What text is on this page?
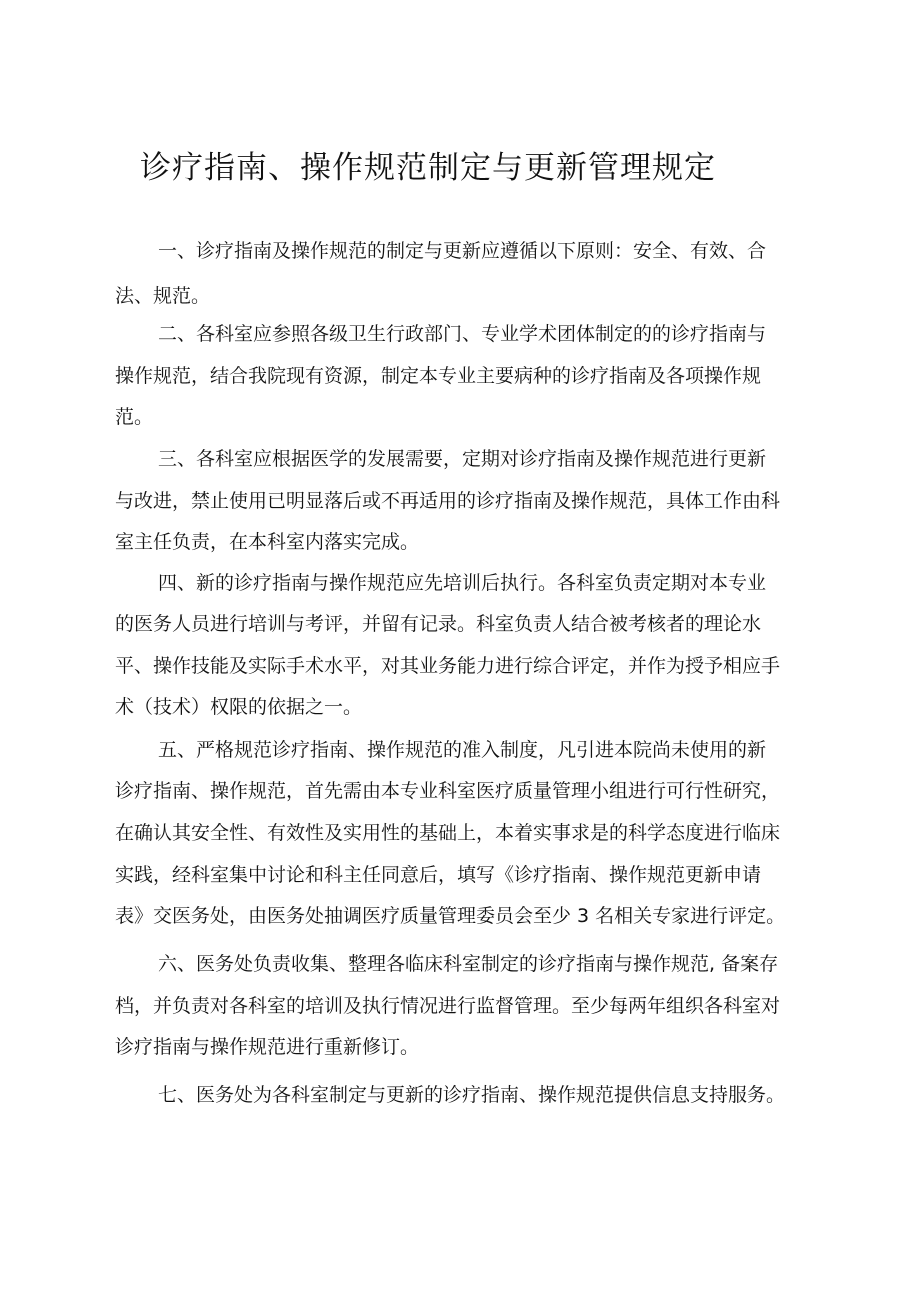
诊疗指南、操作规范制定与更新管理规定

一、诊疗指南及操作规范的制定与更新应遵循以下原则：安全、有效、合

法、规范。

二、各科室应参照各级卫生行政部门、专业学术团体制定的的诊疗指南与

操作规范，结合我院现有资源，制定本专业主要病种的诊疗指南及各项操作规

范。

三、各科室应根据医学的发展需要，定期对诊疗指南及操作规范进行更新

与改进，禁止使用已明显落后或不再适用的诊疗指南及操作规范，具体工作由科

室主任负责，在本科室内落实完成。

四、新的诊疗指南与操作规范应先培训后执行。各科室负责定期对本专业

的医务人员进行培训与考评，并留有记录。科室负责人结合被考核者的理论水

平、操作技能及实际手术水平，对其业务能力进行综合评定，并作为授予相应手

术（技术）权限的依据之一。

五、严格规范诊疗指南、操作规范的准入制度，凡引进本院尚未使用的新

诊疗指南、操作规范，首先需由本专业科室医疗质量管理小组进行可行性研究，

在确认其安全性、有效性及实用性的基础上，本着实事求是的科学态度进行临床

实践，经科室集中讨论和科主任同意后，填写《诊疗指南、操作规范更新申请

表》交医务处，由医务处抽调医疗质量管理委员会至少 3 名相关专家进行评定。

六、医务处负责收集、整理各临床科室制定的诊疗指南与操作规范, 备案存

档，并负责对各科室的培训及执行情况进行监督管理。至少每两年组织各科室对

诊疗指南与操作规范进行重新修订。

七、医务处为各科室制定与更新的诊疗指南、操作规范提供信息支持服务。
